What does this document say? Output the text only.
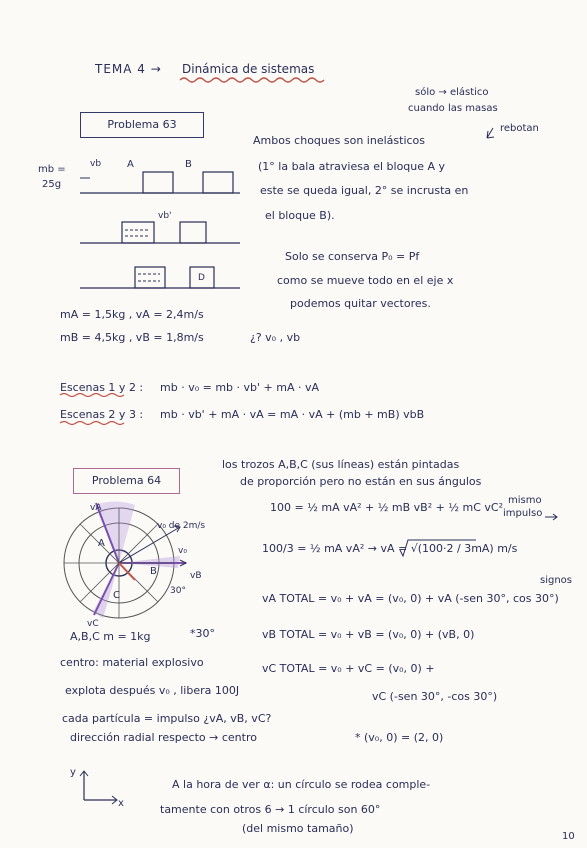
TEMA 4 → Dinámica de sistemas
Problema 63
sólo → elástico
cuando las masas
rebotan
Ambos choques son inelásticos
(1° la bala atraviesa el bloque A y
este se queda igual, 2° se incrusta en
el bloque B).
Solo se conserva P₀ = Pf
como se mueve todo en el eje x
podemos quitar vectores.
mb =
25g
vb	A	B
vb'
D
mA = 1,5kg , vA = 2,4m/s
mB = 4,5kg , vB = 1,8m/s	¿? v₀ , vb
Escenas 1 y 2 : mb · v₀ = mb · vb' + mA · vA
Escenas 2 y 3 : mb · vb' + mA · vA = mA · vA + (mb + mB) vbB
Problema 64
los trozos A,B,C (sus líneas) están pintadas
de proporción pero no están en sus ángulos
mismo
impulso
100 = ½ mA vA² + ½ mB vB² + ½ mC vC²
100/3 = ½ mA vA² → vA = √(100·2 / 3mA) m/s
signos
vA TOTAL = v₀ + vA = (v₀, 0) + vA (-sen 30°, cos 30°)
vB TOTAL = v₀ + vB = (v₀, 0) + (vB, 0)
vC TOTAL = v₀ + vC = (v₀, 0) +
vC (-sen 30°, -cos 30°)
* (v₀, 0) = (2, 0)
vA
v₀ de 2m/s
v₀
vB
vC
30°
A
B
C
A,B,C m = 1kg	*30°
centro: material explosivo
explota después v₀ , libera 100J
cada partícula = impulso ¿vA, vB, vC?
dirección radial respecto → centro
y
x
A la hora de ver α: un círculo se rodea comple-
tamente con otros 6 → 1 círculo son 60°
(del mismo tamaño)
10
